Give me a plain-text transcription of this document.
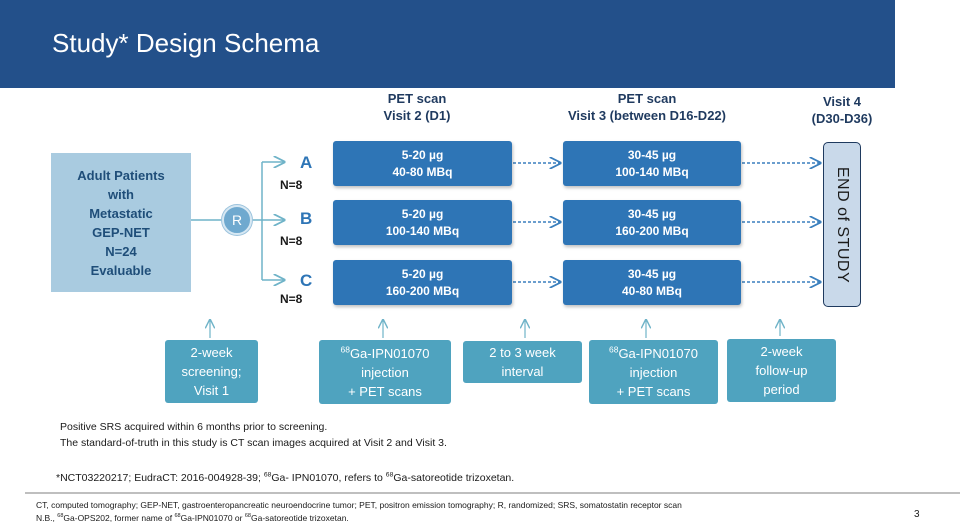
Study* Design Schema
PET scan
Visit 2 (D1)
PET scan
Visit 3 (between D16-D22)
Visit 4
(D30-D36)
Adult Patients
with
Metastatic
GEP-NET
N=24
Evaluable
R
A
N=8
B
N=8
C
N=8
5-20 µg
40-80 MBq
5-20 µg
100-140 MBq
5-20 µg
160-200 MBq
30-45 µg
100-140 MBq
30-45 µg
160-200 MBq
30-45 µg
40-80 MBq
END of STUDY
2-week
screening;
Visit 1
$^{68}$Ga-IPN01070
injection
+ PET scans
2 to 3 week
interval
$^{68}$Ga-IPN01070
injection
+ PET scans
2-week
follow-up
period
Positive SRS acquired within 6 months prior to screening.
The standard-of-truth in this study is CT scan images acquired at Visit 2 and Visit 3.
*NCT03220217; EudraCT: 2016-004928-39; $^{68}$Ga- IPN01070, refers to $^{68}$Ga-satoreotide trizoxetan.
CT, computed tomography; GEP-NET, gastroenteropancreatic neuroendocrine tumor; PET, positron emission tomography; R, randomized; SRS, somatostatin receptor scan
N.B., $^{68}$Ga-OPS202, former name of $^{68}$Ga-IPN01070 or $^{68}$Ga-satoreotide trizoxetan.	3
